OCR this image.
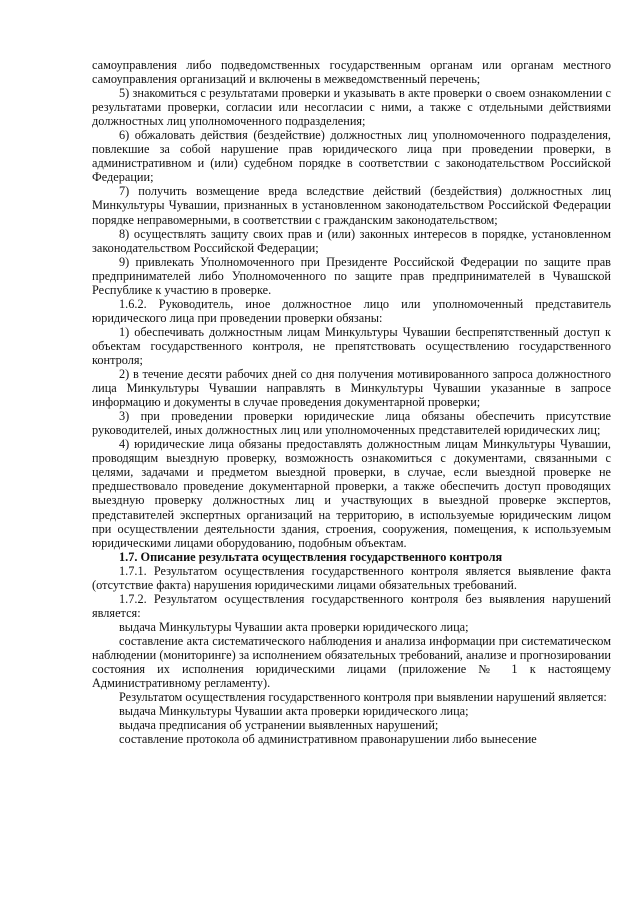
самоуправления либо подведомственных государственным органам или органам местного самоуправления организаций и включены в межведомственный перечень;

5) знакомиться с результатами проверки и указывать в акте проверки о своем ознакомлении с результатами проверки, согласии или несогласии с ними, а также с отдельными действиями должностных лиц уполномоченного подразделения;

6) обжаловать действия (бездействие) должностных лиц уполномоченного подразделения, повлекшие за собой нарушение прав юридического лица при проведении проверки, в административном и (или) судебном порядке в соответствии с законодательством Российской Федерации;

7) получить возмещение вреда вследствие действий (бездействия) должностных лиц Минкультуры Чувашии, признанных в установленном законодательством Российской Федерации порядке неправомерными, в соответствии с гражданским законодательством;

8) осуществлять защиту своих прав и (или) законных интересов в порядке, установленном законодательством Российской Федерации;

9) привлекать Уполномоченного при Президенте Российской Федерации по защите прав предпринимателей либо Уполномоченного по защите прав предпринимателей в Чувашской Республике к участию в проверке.

1.6.2. Руководитель, иное должностное лицо или уполномоченный представитель юридического лица при проведении проверки обязаны:

1) обеспечивать должностным лицам Минкультуры Чувашии беспрепятственный доступ к объектам государственного контроля, не препятствовать осуществлению государственного контроля;

2) в течение десяти рабочих дней со дня получения мотивированного запроса должностного лица Минкультуры Чувашии направлять в Минкультуры Чувашии указанные в запросе информацию и документы в случае проведения документарной проверки;

3) при проведении проверки юридические лица обязаны обеспечить присутствие руководителей, иных должностных лиц или уполномоченных представителей юридических лиц;

4) юридические лица обязаны предоставлять должностным лицам Минкультуры Чувашии, проводящим выездную проверку, возможность ознакомиться с документами, связанными с целями, задачами и предметом выездной проверки, в случае, если выездной проверке не предшествовало проведение документарной проверки, а также обеспечить доступ проводящих выездную проверку должностных лиц и участвующих в выездной проверке экспертов, представителей экспертных организаций на территорию, в используемые юридическим лицом при осуществлении деятельности здания, строения, сооружения, помещения, к используемым юридическими лицами оборудованию, подобным объектам.

1.7. Описание результата осуществления государственного контроля

1.7.1. Результатом осуществления государственного контроля является выявление факта (отсутствие факта) нарушения юридическими лицами обязательных требований.

1.7.2. Результатом осуществления государственного контроля без выявления нарушений является:

выдача Минкультуры Чувашии акта проверки юридического лица;

составление акта систематического наблюдения и анализа информации при систематическом наблюдении (мониторинге) за исполнением обязательных требований, анализе и прогнозировании состояния их исполнения юридическими лицами (приложение № 1 к настоящему Административному регламенту).

Результатом осуществления государственного контроля при выявлении нарушений является:

выдача Минкультуры Чувашии акта проверки юридического лица;

выдача предписания об устранении выявленных нарушений;

составление протокола об административном правонарушении либо вынесение
